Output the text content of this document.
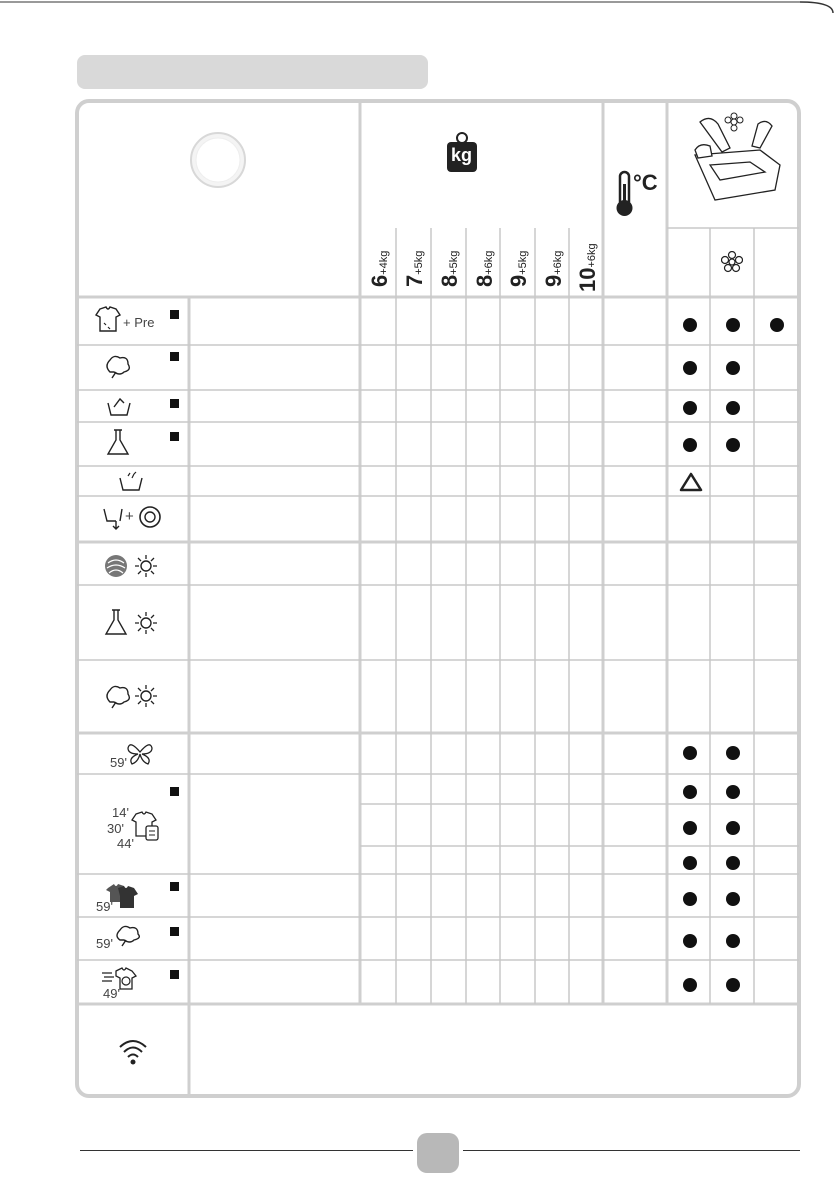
kg
°C
6+4kg
7+5kg
8+5kg
8+6kg
9+5kg
9+6kg
10+6kg
+ Pre
+
59'
14'
30'
44'
59'
59'
49'
